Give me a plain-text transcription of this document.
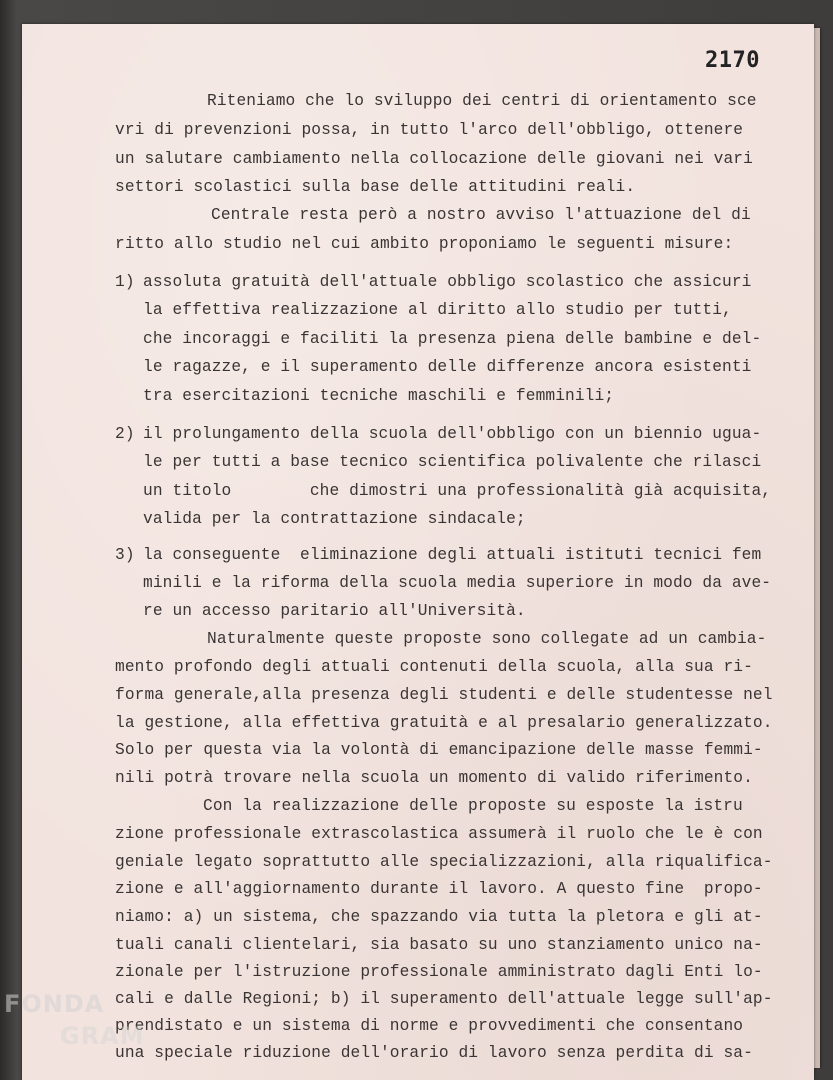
2170
Riteniamo che lo sviluppo dei centri di orientamento sce
vri di prevenzioni possa, in tutto l'arco dell'obbligo, ottenere
un salutare cambiamento nella collocazione delle giovani nei vari
settori scolastici sulla base delle attitudini reali.
Centrale resta però a nostro avviso l'attuazione del di
ritto allo studio nel cui ambito proponiamo le seguenti misure:
1) assoluta gratuità dell'attuale obbligo scolastico che assicuri
la effettiva realizzazione al diritto allo studio per tutti,
che incoraggi e faciliti la presenza piena delle bambine e del-
le ragazze, e il superamento delle differenze ancora esistenti
tra esercitazioni tecniche maschili e femminili;
2) il prolungamento della scuola dell'obbligo con un biennio ugua-
le per tutti a base tecnico scientifica polivalente che rilasci
un titolo        che dimostri una professionalità già acquisita,
valida per la contrattazione sindacale;
3) la conseguente  eliminazione degli attuali istituti tecnici fem
minili e la riforma della scuola media superiore in modo da ave-
re un accesso paritario all'Università.
Naturalmente queste proposte sono collegate ad un cambia-
mento profondo degli attuali contenuti della scuola, alla sua ri-
forma generale,alla presenza degli studenti e delle studentesse nel
la gestione, alla effettiva gratuità e al presalario generalizzato.
Solo per questa via la volontà di emancipazione delle masse femmi-
nili potrà trovare nella scuola un momento di valido riferimento.
Con la realizzazione delle proposte su esposte la istru
zione professionale extrascolastica assumerà il ruolo che le è con
geniale legato soprattutto alle specializzazioni, alla riqualifica-
zione e all'aggiornamento durante il lavoro. A questo fine  propo-
niamo: a) un sistema, che spazzando via tutta la pletora e gli at-
tuali canali clientelari, sia basato su uno stanziamento unico na-
zionale per l'istruzione professionale amministrato dagli Enti lo-
cali e dalle Regioni; b) il superamento dell'attuale legge sull'ap-
prendistato e un sistema di norme e provvedimenti che consentano
una speciale riduzione dell'orario di lavoro senza perdita di sa-
FONDA
GRAM
